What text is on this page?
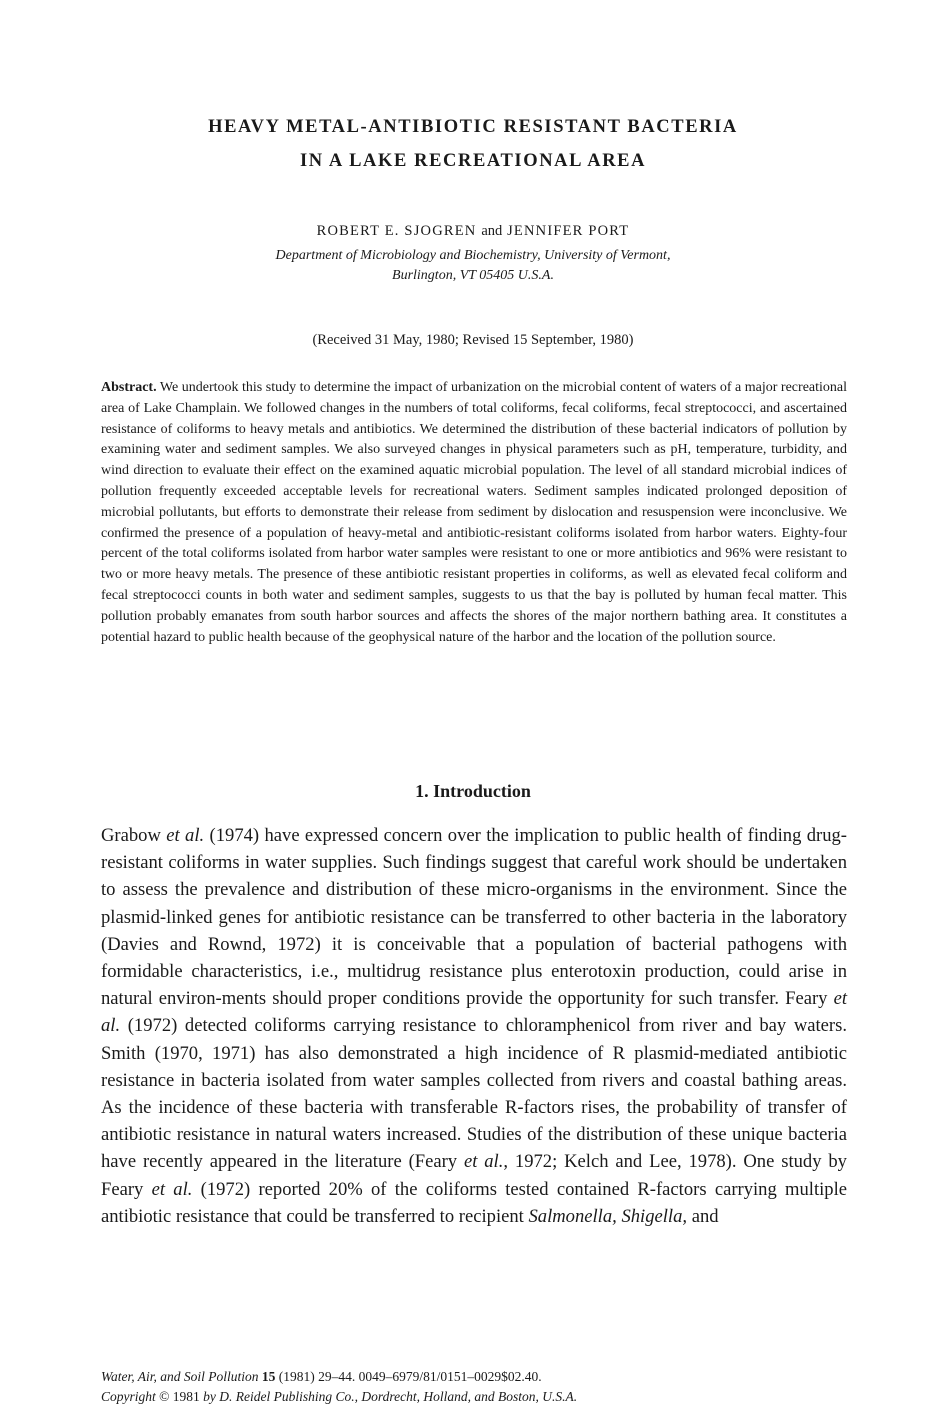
HEAVY METAL-ANTIBIOTIC RESISTANT BACTERIA
IN A LAKE RECREATIONAL AREA
ROBERT E. SJOGREN and JENNIFER PORT
Department of Microbiology and Biochemistry, University of Vermont,
Burlington, VT 05405 U.S.A.
(Received 31 May, 1980; Revised 15 September, 1980)

Abstract. We undertook this study to determine the impact of urbanization on the microbial content of waters of a major recreational area of Lake Champlain. We followed changes in the numbers of total coliforms, fecal coliforms, fecal streptococci, and ascertained resistance of coliforms to heavy metals and antibiotics. We determined the distribution of these bacterial indicators of pollution by examining water and sediment samples. We also surveyed changes in physical parameters such as pH, temperature, turbidity, and wind direction to evaluate their effect on the examined aquatic microbial population. The level of all standard microbial indices of pollution frequently exceeded acceptable levels for recreational waters. Sediment samples indicated prolonged deposition of microbial pollutants, but efforts to demonstrate their release from sediment by dislocation and resuspension were inconclusive. We confirmed the presence of a population of heavy-metal and antibiotic-resistant coliforms isolated from harbor waters. Eighty-four percent of the total coliforms isolated from harbor water samples were resistant to one or more antibiotics and 96% were resistant to two or more heavy metals. The presence of these antibiotic resistant properties in coliforms, as well as elevated fecal coliform and fecal streptococci counts in both water and sediment samples, suggests to us that the bay is polluted by human fecal matter. This pollution probably emanates from south harbor sources and affects the shores of the major northern bathing area. It constitutes a potential hazard to public health because of the geophysical nature of the harbor and the location of the pollution source.

1. Introduction

Grabow et al. (1974) have expressed concern over the implication to public health of finding drug-resistant coliforms in water supplies. Such findings suggest that careful work should be undertaken to assess the prevalence and distribution of these micro-organisms in the environment. Since the plasmid-linked genes for antibiotic resistance can be transferred to other bacteria in the laboratory (Davies and Rownd, 1972) it is conceivable that a population of bacterial pathogens with formidable characteristics, i.e., multidrug resistance plus enterotoxin production, could arise in natural environ-ments should proper conditions provide the opportunity for such transfer. Feary et al. (1972) detected coliforms carrying resistance to chloramphenicol from river and bay waters. Smith (1970, 1971) has also demonstrated a high incidence of R plasmid-mediated antibiotic resistance in bacteria isolated from water samples collected from rivers and coastal bathing areas. As the incidence of these bacteria with transferable R-factors rises, the probability of transfer of antibiotic resistance in natural waters increased. Studies of the distribution of these unique bacteria have recently appeared in the literature (Feary et al., 1972; Kelch and Lee, 1978). One study by Feary et al. (1972) reported 20% of the coliforms tested contained R-factors carrying multiple antibiotic resistance that could be transferred to recipient Salmonella, Shigella, and

Water, Air, and Soil Pollution 15 (1981) 29–44. 0049–6979/81/0151–0029$02.40.
Copyright © 1981 by D. Reidel Publishing Co., Dordrecht, Holland, and Boston, U.S.A.
